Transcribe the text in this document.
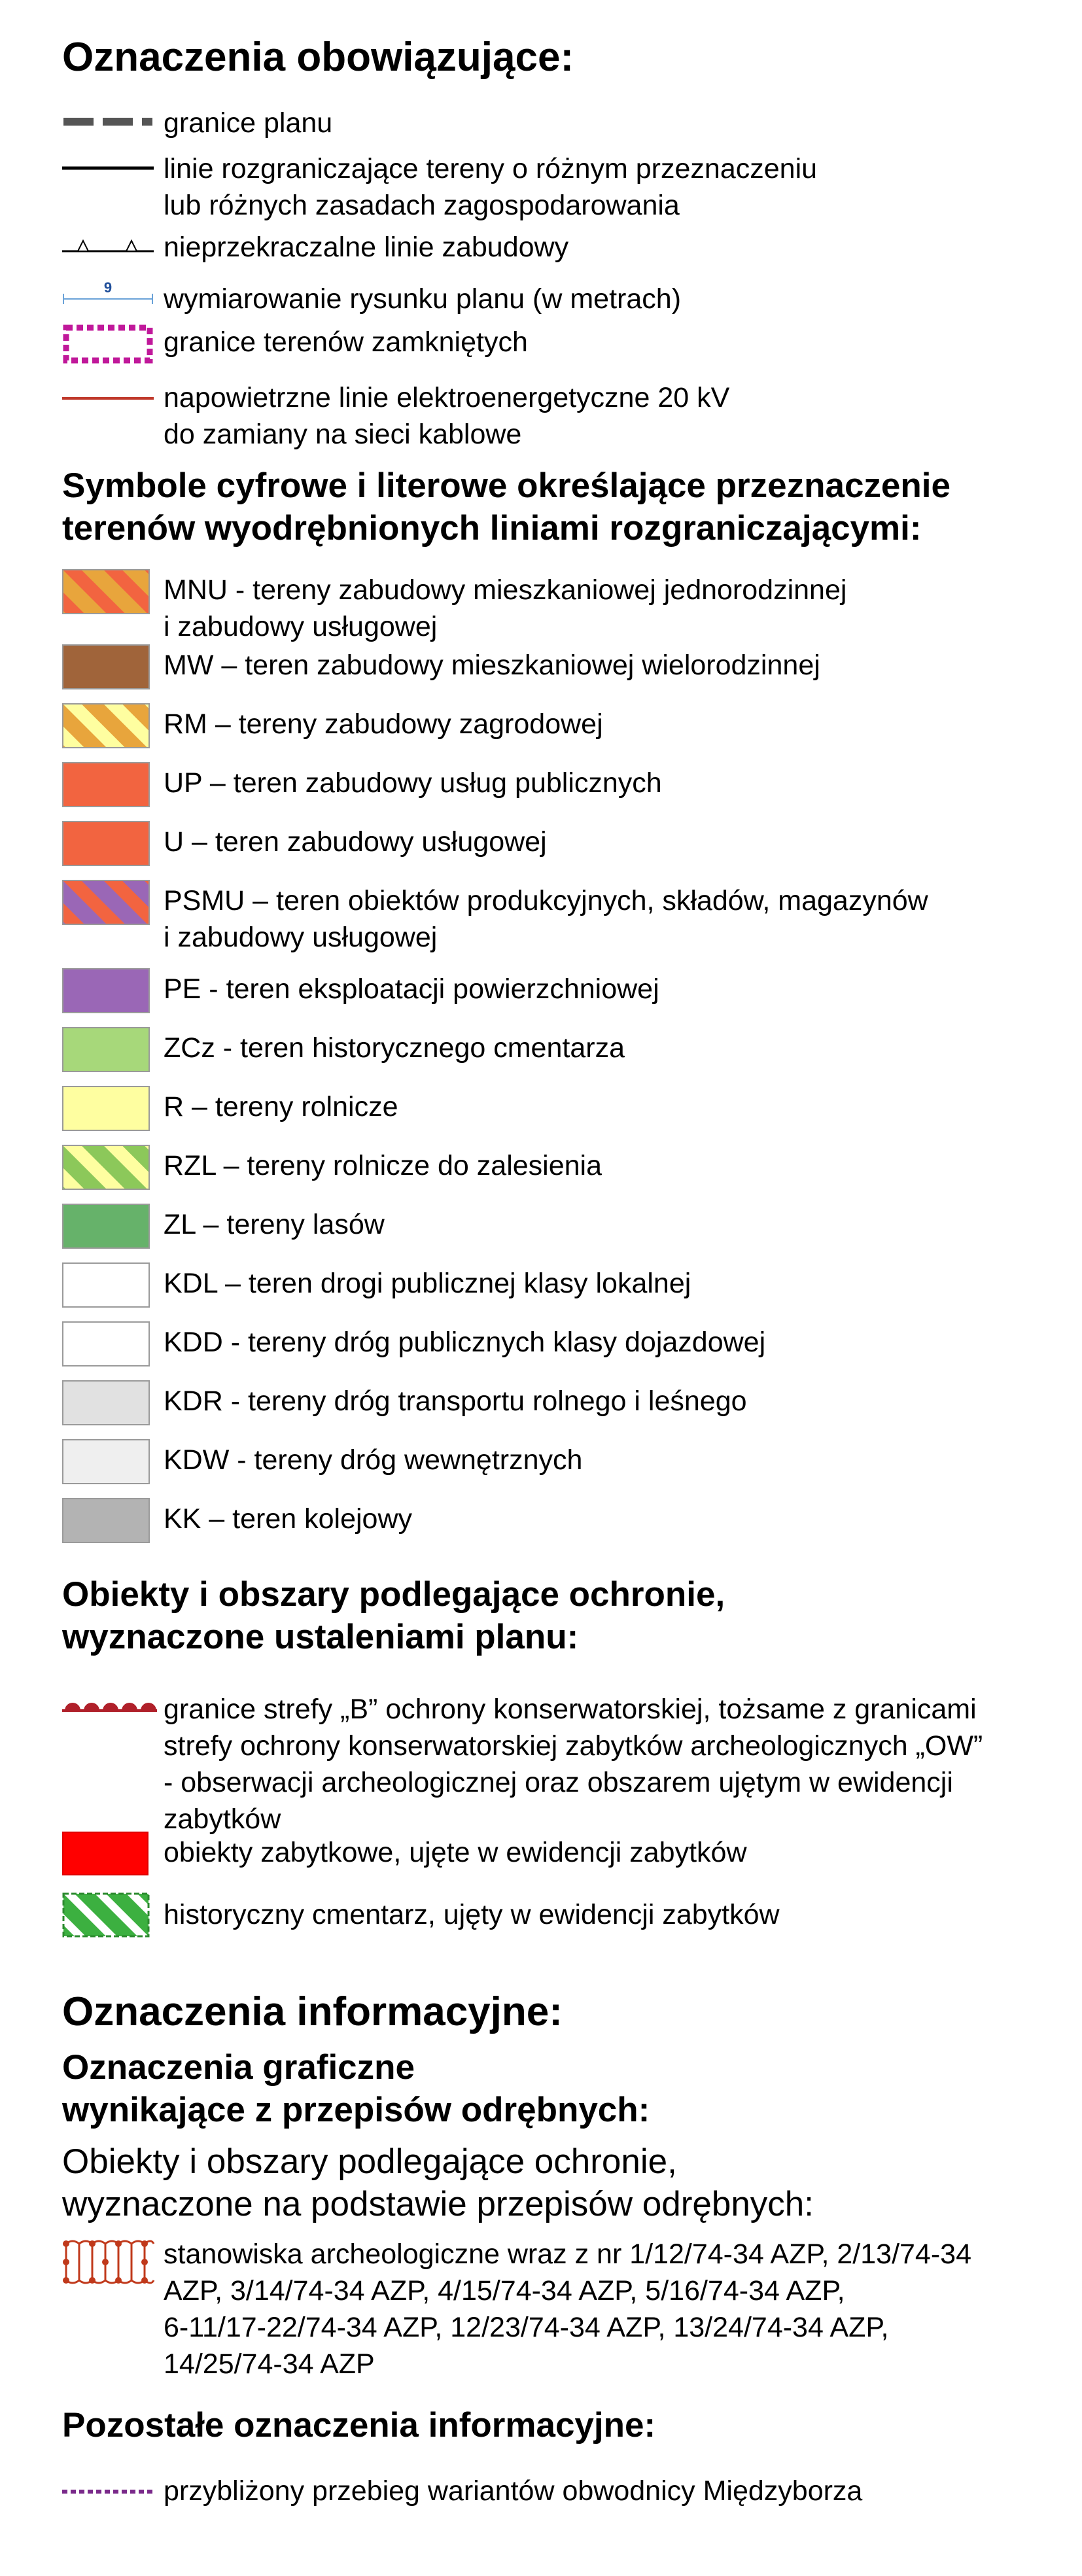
Oznaczenia obowiązujące:
granice planu
linie rozgraniczające tereny o różnym przeznaczeniu
lub różnych zasadach zagospodarowania
nieprzekraczalne linie zabudowy
9 wymiarowanie rysunku planu (w metrach)
granice terenów zamkniętych
napowietrzne linie elektroenergetyczne 20 kV
do zamiany na sieci kablowe
Symbole cyfrowe i literowe określające przeznaczenie
terenów wyodrębnionych liniami rozgraniczającymi:
MNU - tereny zabudowy mieszkaniowej jednorodzinnej
i zabudowy usługowej
MW – teren zabudowy mieszkaniowej wielorodzinnej
RM – tereny zabudowy zagrodowej
UP – teren zabudowy usług publicznych
U – teren zabudowy usługowej
PSMU – teren obiektów produkcyjnych, składów, magazynów
i zabudowy usługowej
PE - teren eksploatacji powierzchniowej
ZCz - teren historycznego cmentarza
R – tereny rolnicze
RZL – tereny rolnicze do zalesienia
ZL – tereny lasów
KDL – teren drogi publicznej klasy lokalnej
KDD - tereny dróg publicznych klasy dojazdowej
KDR - tereny dróg transportu rolnego i leśnego
KDW - tereny dróg wewnętrznych
KK – teren kolejowy
Obiekty i obszary podlegające ochronie,
wyznaczone ustaleniami planu:
granice strefy „B” ochrony konserwatorskiej, tożsame z granicami
strefy ochrony konserwatorskiej zabytków archeologicznych „OW”
- obserwacji archeologicznej oraz obszarem ujętym w ewidencji
zabytków
obiekty zabytkowe, ujęte w ewidencji zabytków
historyczny cmentarz, ujęty w ewidencji zabytków
Oznaczenia informacyjne:
Oznaczenia graficzne
wynikające z przepisów odrębnych:
Obiekty i obszary podlegające ochronie,
wyznaczone na podstawie przepisów odrębnych:
stanowiska archeologiczne wraz z nr 1/12/74-34 AZP, 2/13/74-34
AZP, 3/14/74-34 AZP, 4/15/74-34 AZP, 5/16/74-34 AZP,
6-11/17-22/74-34 AZP, 12/23/74-34 AZP, 13/24/74-34 AZP,
14/25/74-34 AZP
Pozostałe oznaczenia informacyjne:
przybliżony przebieg wariantów obwodnicy Międzyborza
